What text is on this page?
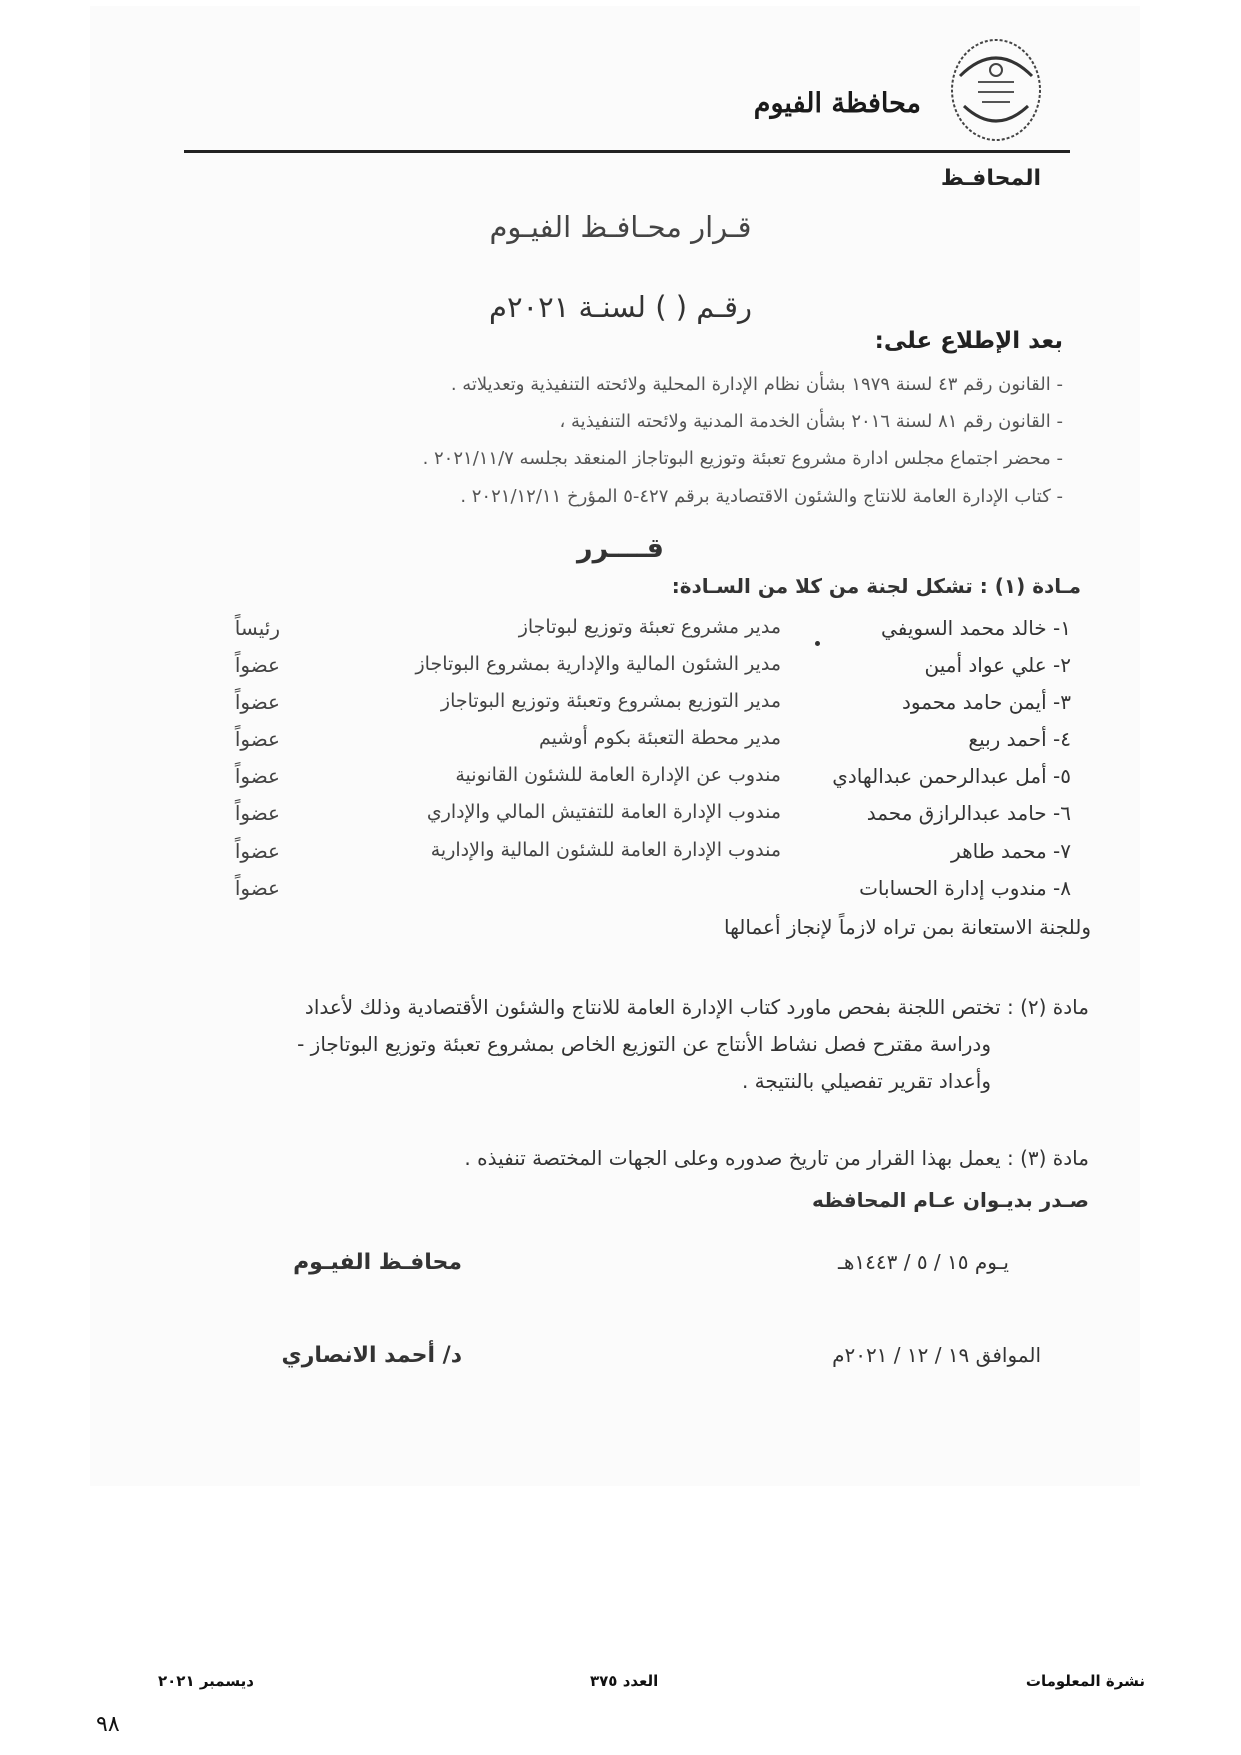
محافظة الفيوم
المحافـظ
قـرار محـافـظ الفيـوم
رقـم ( ) لسنـة ٢٠٢١م
بعد الإطلاع على:
- القانون رقم ٤٣ لسنة ١٩٧٩ بشأن نظام الإدارة المحلية ولائحته التنفيذية وتعديلاته .
- القانون رقم ٨١ لسنة ٢٠١٦ بشأن الخدمة المدنية ولائحته التنفيذية ،
- محضر اجتماع مجلس ادارة مشروع تعبئة وتوزيع البوتاجاز المنعقد بجلسه ٢٠٢١/١١/٧ .
- كتاب الإدارة العامة للانتاج والشئون الاقتصادية برقم ٤٢٧-٥ المؤرخ ٢٠٢١/١٢/١١ .
قــــرر
مـادة (١) : تشكل لجنة من كلا من السـادة:
١- خالد محمد السويفي
مدير مشروع تعبئة وتوزيع لبوتاجاز
رئيساً
٢- علي عواد أمين
مدير الشئون المالية والإدارية بمشروع البوتاجاز
عضواً
٣- أيمن حامد محمود
مدير التوزيع بمشروع وتعبئة وتوزيع البوتاجاز
عضواً
٤- أحمد ربيع
مدير محطة التعبئة بكوم أوشيم
عضواً
٥- أمل عبدالرحمن عبدالهادي
مندوب عن الإدارة العامة للشئون القانونية
عضواً
٦- حامد عبدالرازق محمد
مندوب الإدارة العامة للتفتيش المالي والإداري
عضواً
٧- محمد طاهر
مندوب الإدارة العامة للشئون المالية والإدارية
عضواً
٨- مندوب إدارة الحسابات
عضواً
وللجنة الاستعانة بمن تراه لازماً لإنجاز أعمالها
مادة (٢) : تختص اللجنة بفحص ماورد كتاب الإدارة العامة للانتاج والشئون الأقتصادية وذلك لأعداد
ودراسة مقترح فصل نشاط الأنتاج عن التوزيع الخاص بمشروع تعبئة وتوزيع البوتاجاز -
وأعداد تقرير تفصيلي بالنتيجة .
مادة (٣) : يعمل بهذا القرار من تاريخ صدوره وعلى الجهات المختصة تنفيذه .
صـدر بديـوان عـام المحافظه
يـوم ١٥ / ٥ / ١٤٤٣هـ
الموافق ١٩ / ١٢ / ٢٠٢١م
محافـظ الفيـوم
د/ أحمد الانصاري
نشرة المعلومات
العدد ٣٧٥
ديسمبر ٢٠٢١
٩٨
